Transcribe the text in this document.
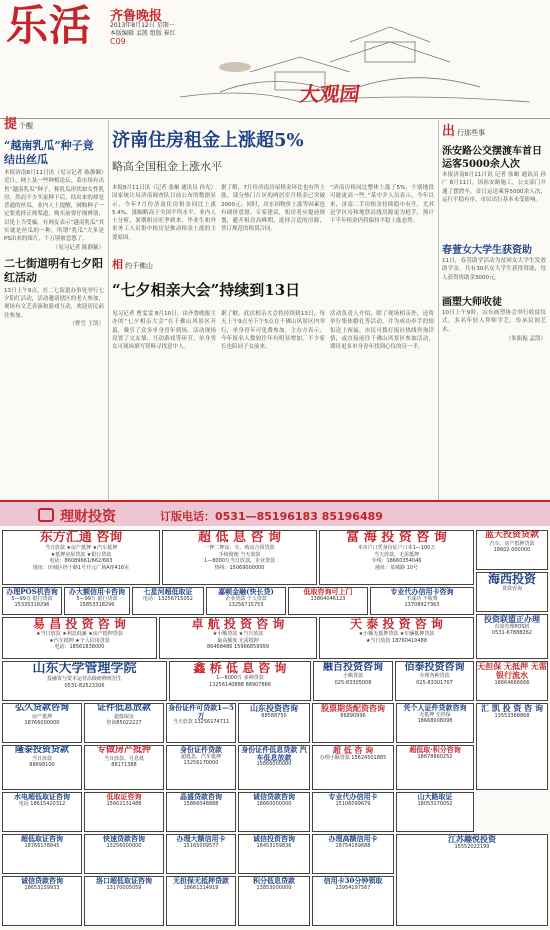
乐活 齐鲁晚报
2013年8月12日 星期一
本版编辑 孟凯 组版 崔红
C09
大观园
提个醒
“越南乳瓜”种子竟结出丝瓜
本报济南8月11日讯（见习记者 陈静颖）近日，网上及一些种植论坛、菜市场有出售“越南乳瓜”种子，称乳瓜形状如女性乳房。然而不少买家种下后，结出来的却是普通的丝瓜。业内人士提醒，网购种子一定要选择正规渠道，购买前要仔细辨别，以免上当受骗。有网友表示“越南乳瓜”其实就是丝瓜的一种，所谓“乳瓜”大多是PS出来的图片，千万别被忽悠了。
（见习记者 陈静颖）
二七街道明有七夕阳红活动
13日上午9点，在二七街道办事处举行七夕阳红活动，活动邀请辖区的老人参加，现场有文艺表演和游戏互动，欢迎居民前往参加。
（曹雪 王凯）
济南住房租金上涨超5%
略高全国租金上涨水平
本报8月11日讯（记者 张頔 通讯员 孙光）国家统计局济南调查队日前公布的数据显示，今年7月份济南住房租金同比上涨5.4%，涨幅略高于全国平均水平。业内人士分析，暑期租房旺季到来，毕业生和外来务工人员集中租房是推动租金上涨的主要原因。
据了解，7月份济南房屋租金环比也有所上涨，部分热门片区的两居室月租金已突破2000元。同时，房东因物价上涨等因素也有调价意愿。专家建议，租房者应提前规划，避开租房高峰期，选择合适的房源，签订规范的租赁合同。
“济南房租同比整体上涨了5%，个别地段可能更高一些。”某中介人员表示，今年以来，济南二手房租金持续稳中有升，尤其是学区房和地铁沿线房源更为抢手，预计下半年租金仍将保持平稳上涨态势。
相约千佛山
“七夕相亲大会”持续到13日
见习记者 曹雯雯 8月10日，由齐鲁晚报主办的“七夕相亲大会”在千佛山风景区开幕，吸引了众多单身青年到场。活动现场设置了交友墙、互动游戏等环节，单身男女可现场填写资料寻找意中人。
据了解，此次相亲大会将持续到13日，每天上午9点至下午5点在千佛山风景区内举行，单身青年可免费参加。主办方表示，今年报名人数较往年有明显增加，不少家长也陪同子女前来。
活动负责人介绍，除了现场相亲外，还将举行集体婚礼等活动，并为成功牵手的情侣送上祝福。市民可拨打报社热线咨询详情，或直接前往千佛山风景区参加活动，期待更多单身青年找到心仪的另一半。
出行那些事
泺安路公交摆渡车首日运客5000余人次
本报济南8月11日讯 记者 张頔 通讯员 孙广 8月11日，因泺安路施工，公交部门开通了摆渡车。首日运送乘客5000余人次，运行平稳有序，市民出行基本未受影响。
春萱女大学生获资助
11日，春萱助学活动为贫困女大学生发放助学金，共有30名女大学生获得资助，每人获得资助金3000元。
画塑大师收徒
10日上午9时，山东画塑协会举行收徒仪式，多名年轻人拜师学艺，传承民间艺术。
（朱振振 孟凯）
理财投资	订版电话：0531—85196183 85196489
东方汇通 咨询
当日放款 ★房产抵押 ★汽车抵押
★抵押房屋贷款 ★银行贷款
电话：86089661/662/663
地址：历城区经十路1号开元广场A座416室
超 低 息 咨 询
一押二押房、车、购房合同贷款
手续简便 当天放款
1—8000万当日放款，企业贷款
热线：15069000000
富 海 投 资 咨 询
本市户口凭身份证户口本1—100万
当天放款，无需抵押
专线：18660354046
地址：泉城路 10号
蓝天投资贷款
汽车、房产抵押贷款
18602 000000
海西投资
贷款咨询
办理POS机咨询
5—99万 银行贷款
15335318296
办大额信用卡咨询
5—99万 银行贷款
15853318296
七星河超低取证
电话：13256715052
嘉顿金融(快长贷)
企业贷款 个人贷款
13256715753
低取咨询可上门
13864046123
专业代办信用卡咨询
不成功 不收费
13708927363
易 昌 投 资 咨 询
★当日放款 ★利息低廉 ★房产抵押贷款
★汽车抵押 ★个人信用贷款
电话：18561838000
卓 航 投 资 咨 询
★小额贷款 ★当日放款
最高额度 无需抵押
86468486 15966859999
天 泰 投 资 咨 询
★小额无抵押贷款 ★车辆抵押贷款
★当日放款 18760410488
投资联盟正办理
有效管理POS机
0531-67888262
山东大学管理学院
投融资与资本运营高级研修班招生
0531-82523306
鑫 桥 低 息 咨 询
1—8000万 多种贷款
13256140888 88907866
融百投资咨询
小额贷款
025-83305008
佰泰投资咨询
办理各种贷款
025-83301707
无担保 无抵押 无需银行流水
18664666666
弘久贷款咨询
房产抵押
18766000000
证件低息放款
超低取证
咨询85022227
身份证件可贷款1—5万
当天放款 13256174711
山东投资咨询
88588750
股票期货配资咨询
86890996
凭个人证件贷款咨询
无抵押 无担保
18668008098
隆泰投资贷款
当日放款
88698100
专做房产抵押
当日放款、月息低
88171388
身份证件贷款
超低息，汽车抵押
13256170000
身份证件低息贷款 汽车低息放款
15866000000
超 低 咨 询
办理小额贷款 15624501885
超低取·积分咨询
18678860252
汇 凯 投 资 咨 询
13553368868
水电超低取证咨询
电话 18615420312
低取证咨询
15662131488
晶盛贷款咨询
15866048888
诚信贷款咨询
18660000000
专业代办信用卡
15106099679
山大路取证
18053170052
超低取证咨询
18766178845
快速贷款咨询
13256000000
办理大额信用卡
15165009577
诚信投资咨询
18453159836
办理高额信用卡
18754169688
诚信贷款咨询
18653159933
洛口超低取证咨询
13170005059
无担保无抵押贷款
18661314919
积分低息贷款
13853000000
信用卡30分钟领取
13954197567
江苏趣悦投资
15552022199
